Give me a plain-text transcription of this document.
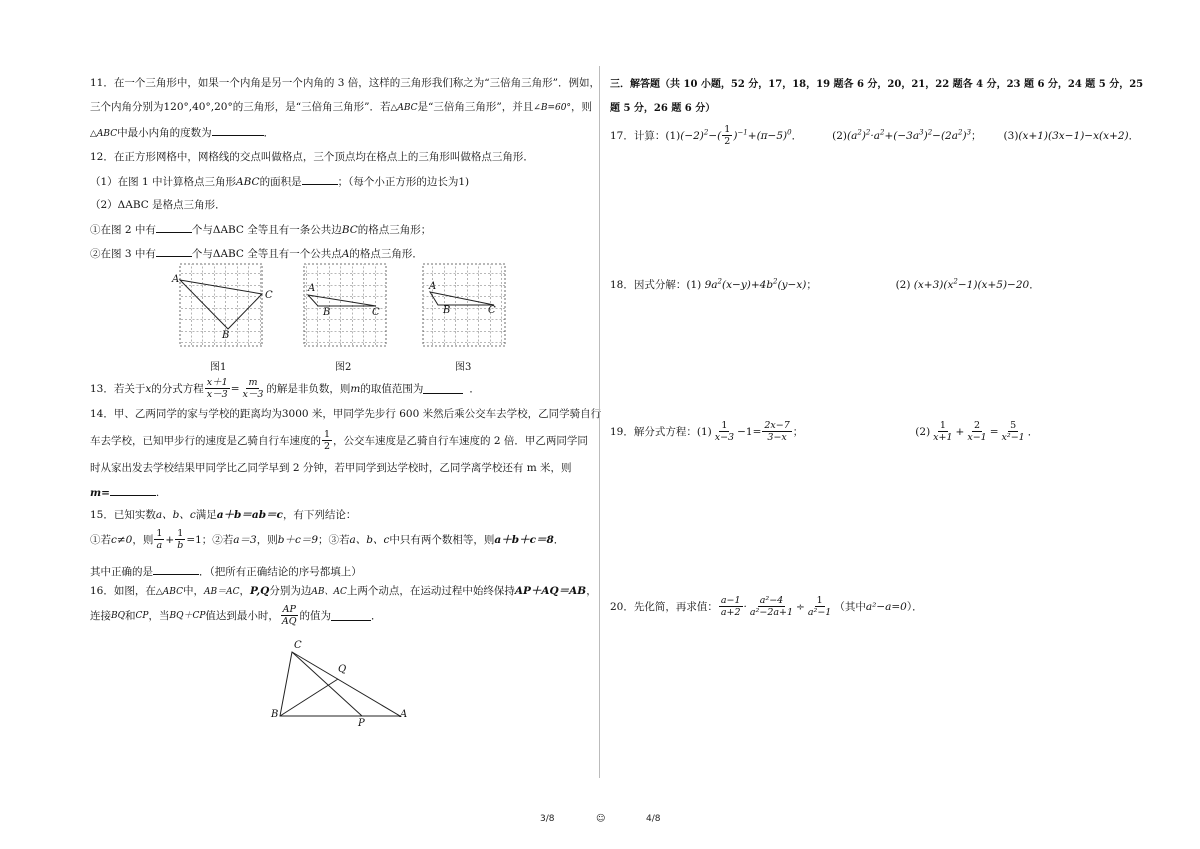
11．在一个三角形中，如果一个内角是另一个内角的 3 倍，这样的三角形我们称之为“三倍角三角形”．例如，
三个内角分别为120°,40°,20°的三角形，是“三倍角三角形”．若△ABC是“三倍角三角形”，并且∠B=60°，则
△ABC中最小内角的度数为	．
12．在正方形网格中，网格线的交点叫做格点，三个顶点均在格点上的三角形叫做格点三角形．
（1）在图 1 中计算格点三角形ABC的面积是	；（每个小正方形的边长为1)
（2）ΔABC 是格点三角形．
①在图 2 中有	个与ΔABC 全等且有一条公共边BC的格点三角形；
②在图 3 中有	个与ΔABC 全等且有一个公共点A的格点三角形．
A
C
B
A
B	C
A
B	C
图1	图2	图3
13．若关于 x 的分式方程 $\frac{x+1}{x-3} = \frac{m}{x-3}$ 的解是非负数，则 m 的取值范围为	．
14．甲、乙两同学的家与学校的距离均为3000 米，甲同学先步行 600 米然后乘公交车去学校，乙同学骑自行
车去学校，已知甲步行的速度是乙骑自行车速度的 $\frac{1}{2}$ ，公交车速度是乙骑自行车速度的 2 倍．甲乙两同学同
时从家出发去学校结果甲同学比乙同学早到 2 分钟，若甲同学到达学校时，乙同学离学校还有 m 米，则
m=	.
15．已知实数a、b、c满足a＋b＝ab＝c，有下列结论：
①若 c≠0 ，则 $\frac{1}{a} + \frac{1}{b} =1$；②若 a＝3 ，则 b＋c＝9 ；③若 a、b、c 中只有两个数相等，则 a＋b＋c＝8 ．
其中正确的是	．（把所有正确结论的序号都填上）
16．如图，在△ABC中，AB＝AC，P,Q分别为边AB、AC上两个动点，在运动过程中始终保持AP＋AQ＝AB，
连接 BQ 和 CP ，当 BQ＋CP 值达到最小时， $\frac{AP}{AQ}$ 的值为	．
C
Q
B
P
A
三．解答题（共 10 小题，52 分，17，18，19 题各 6 分，20，21，22 题各 4 分，23 题 6 分，24 题 5 分，25
题 5 分，26 题 6 分）
17．计算：(1) $(-2)^2-( \frac{1}{2} )^{-1}+(\pi-5)^0$ ．	(2) $(a^2)^2\cdot a^2+(-3a^3)^2-(2a^2)^3$ ； (3) (x+1)(3x−1)−x(x+2) ．
18．因式分解：(1) $9a^2(x-y)+4b^2(y-x)$；	(2) $(x+3)(x^2-1)(x+5)-20$．
19．解分式方程：$(1) \frac{1}{x-3} -1= \frac{2x-7}{3-x}$ ；	$(2) \frac{1}{x+1} + \frac{2}{x-1} = \frac{5}{\text{x²−1}}$ ．
20．先化简，再求值： $\frac{a-1}{a+2} \cdot \frac{\text{a²−4}}{\text{a²−2a+1}} \div \frac{1}{\text{a²−1}}$ （其中 a²−a=0 ）．
3/8	☺	4/8
